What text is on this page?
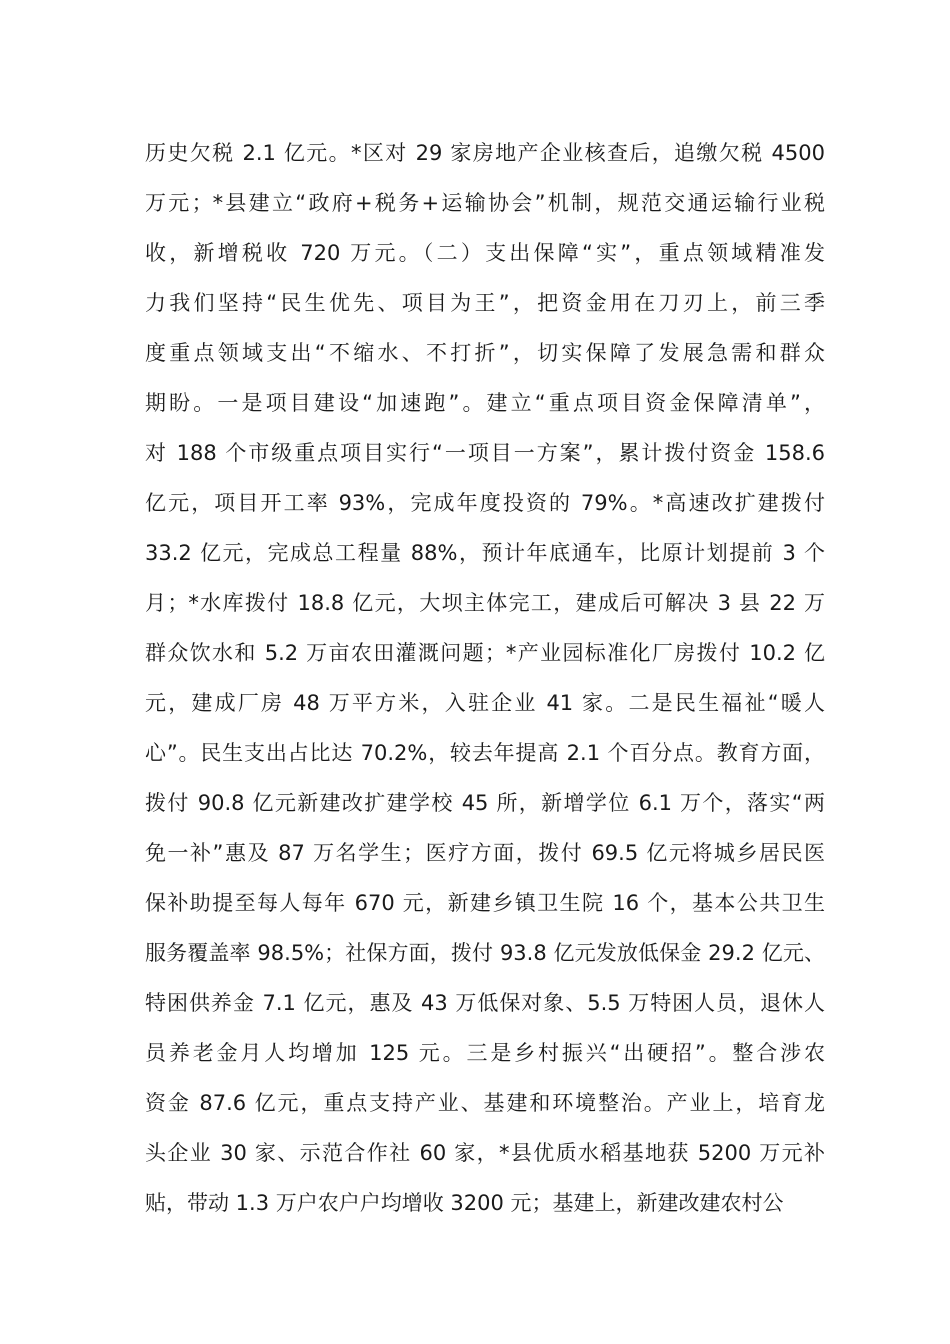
历史欠税 2.1 亿元。*区对 29 家房地产企业核查后，追缴欠税 4500
万元；*县建立“政府+税务+运输协会”机制，规范交通运输行业税
收，新增税收 720 万元。（二）支出保障“实”，重点领域精准发
力我们坚持“民生优先、项目为王”，把资金用在刀刃上，前三季
度重点领域支出“不缩水、不打折”，切实保障了发展急需和群众
期盼。一是项目建设“加速跑”。建立“重点项目资金保障清单”，
对 188 个市级重点项目实行“一项目一方案”，累计拨付资金 158.6
亿元，项目开工率 93%，完成年度投资的 79%。*高速改扩建拨付
33.2 亿元，完成总工程量 88%，预计年底通车，比原计划提前 3 个
月；*水库拨付 18.8 亿元，大坝主体完工，建成后可解决 3 县 22 万
群众饮水和 5.2 万亩农田灌溉问题；*产业园标准化厂房拨付 10.2 亿
元，建成厂房 48 万平方米，入驻企业 41 家。二是民生福祉“暖人
心”。民生支出占比达 70.2%，较去年提高 2.1 个百分点。教育方面，
拨付 90.8 亿元新建改扩建学校 45 所，新增学位 6.1 万个，落实“两
免一补”惠及 87 万名学生；医疗方面，拨付 69.5 亿元将城乡居民医
保补助提至每人每年 670 元，新建乡镇卫生院 16 个，基本公共卫生
服务覆盖率 98.5%；社保方面，拨付 93.8 亿元发放低保金 29.2 亿元、
特困供养金 7.1 亿元，惠及 43 万低保对象、5.5 万特困人员，退休人
员养老金月人均增加 125 元。三是乡村振兴“出硬招”。整合涉农
资金 87.6 亿元，重点支持产业、基建和环境整治。产业上，培育龙
头企业 30 家、示范合作社 60 家，*县优质水稻基地获 5200 万元补
贴，带动 1.3 万户农户户均增收 3200 元；基建上，新建改建农村公
